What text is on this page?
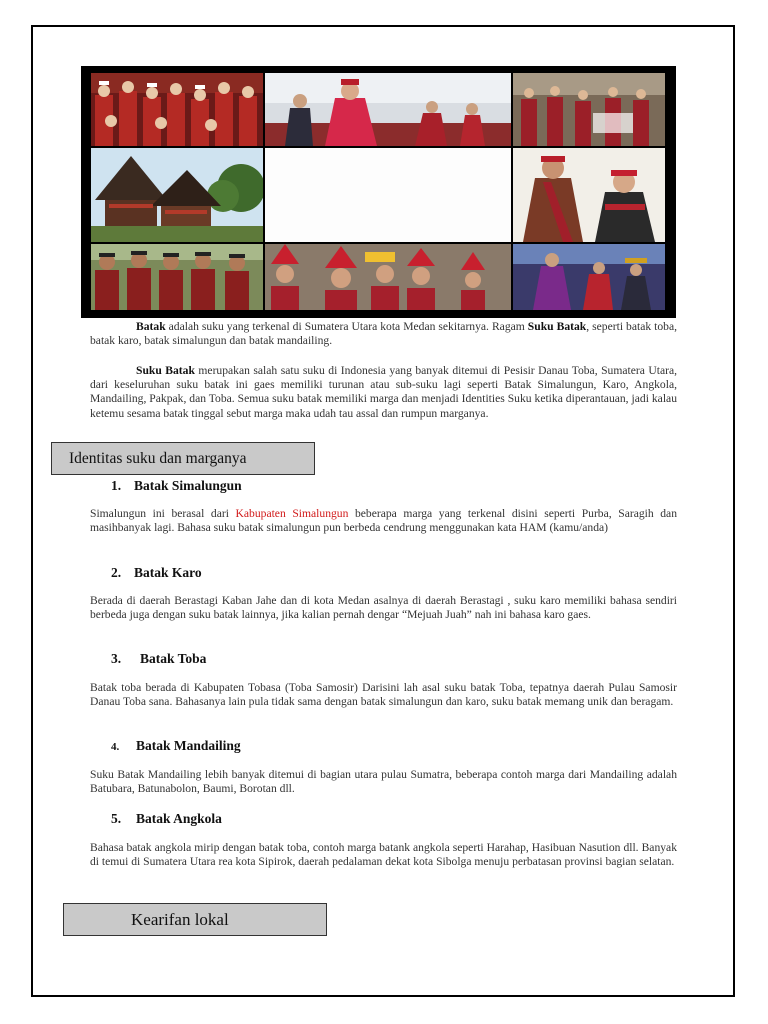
Batak adalah suku yang terkenal di Sumatera Utara kota Medan sekitarnya. Ragam Suku Batak, seperti batak toba, batak karo, batak simalungun dan batak mandailing.

Suku Batak merupakan salah satu suku di Indonesia yang banyak ditemui di Pesisir Danau Toba, Sumatera Utara, dari keseluruhan suku batak ini gaes memiliki turunan atau sub-suku lagi seperti Batak Simalungun, Karo, Angkola, Mandailing, Pakpak, dan Toba. Semua suku batak memiliki marga dan menjadi Identities Suku ketika diperantauan, jadi kalau ketemu sesama batak tinggal sebut marga maka udah tau assal dan rumpun marganya.

Identitas suku dan marganya
1. Batak Simalungun

Simalungun ini berasal dari Kabupaten Simalungun beberapa marga yang terkenal disini seperti Purba, Saragih dan masihbanyak lagi. Bahasa suku batak simalungun pun berbeda cendrung menggunakan kata HAM (kamu/anda)

2. Batak Karo

Berada di daerah Berastagi Kaban Jahe dan di kota Medan asalnya di daerah Berastagi , suku karo memiliki bahasa sendiri berbeda juga dengan suku batak lainnya, jika kalian pernah dengar “Mejuah Juah” nah ini bahasa karo gaes.

3. Batak Toba

Batak toba berada di Kabupaten Tobasa (Toba Samosir) Darisini lah asal suku batak Toba, tepatnya daerah Pulau Samosir Danau Toba sana. Bahasanya lain pula tidak sama dengan batak simalungun dan karo, suku batak memang unik dan beragam.

4. Batak Mandailing

Suku Batak Mandailing lebih banyak ditemui di bagian utara pulau Sumatra, beberapa contoh marga dari Mandailing adalah Batubara, Batunabolon, Baumi, Borotan dll.

5. Batak Angkola

Bahasa batak angkola mirip dengan batak toba, contoh marga batank angkola seperti Harahap, Hasibuan Nasution dll. Banyak di temui di Sumatera Utara rea kota Sipirok, daerah pedalaman dekat kota Sibolga menuju perbatasan provinsi bagian selatan.

Kearifan lokal
